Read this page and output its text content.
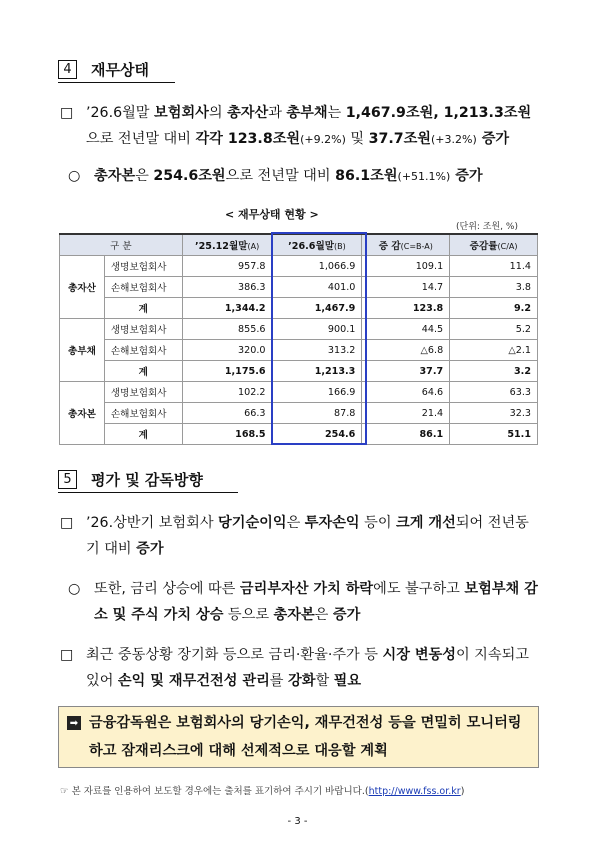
4	재무상태
□ ’26.6월말 보험회사의 총자산과 총부채는 1,467.9조원, 1,213.3조원으로 전년말 대비 각각 123.8조원(+9.2%) 및 37.7조원(+3.2%) 증가
○ 총자본은 254.6조원으로 전년말 대비 86.1조원(+51.1%) 증가
< 재무상태 현황 >
(단위: 조원, %)
구 분		’25.12월말(A)	’26.6월말(B)	증 감(C=B-A)	증감률(C/A)
총자산	생명보험회사	957.8	1,066.9	109.1	11.4
	손해보험회사	386.3	401.0	14.7	3.8
	계	1,344.2	1,467.9	123.8	9.2
총부채	생명보험회사	855.6	900.1	44.5	5.2
	손해보험회사	320.0	313.2	△6.8	△2.1
	계	1,175.6	1,213.3	37.7	3.2
총자본	생명보험회사	102.2	166.9	64.6	63.3
	손해보험회사	66.3	87.8	21.4	32.3
	계	168.5	254.6	86.1	51.1
5	평가 및 감독방향
□ ’26.상반기 보험회사 당기순이익은 투자손익 등이 크게 개선되어 전년동기 대비 증가
○ 또한, 금리 상승에 따른 금리부자산 가치 하락에도 불구하고 보험부채 감소 및 주식 가치 상승 등으로 총자본은 증가
□ 최근 중동상황 장기화 등으로 금리·환율·주가 등 시장 변동성이 지속되고 있어 손익 및 재무건전성 관리를 강화할 필요
➡ 금융감독원은 보험회사의 당기손익, 재무건전성 등을 면밀히 모니터링하고 잠재리스크에 대해 선제적으로 대응할 계획
☞ 본 자료를 인용하여 보도할 경우에는 출처를 표기하여 주시기 바랍니다.(http://www.fss.or.kr)
- 3 -
